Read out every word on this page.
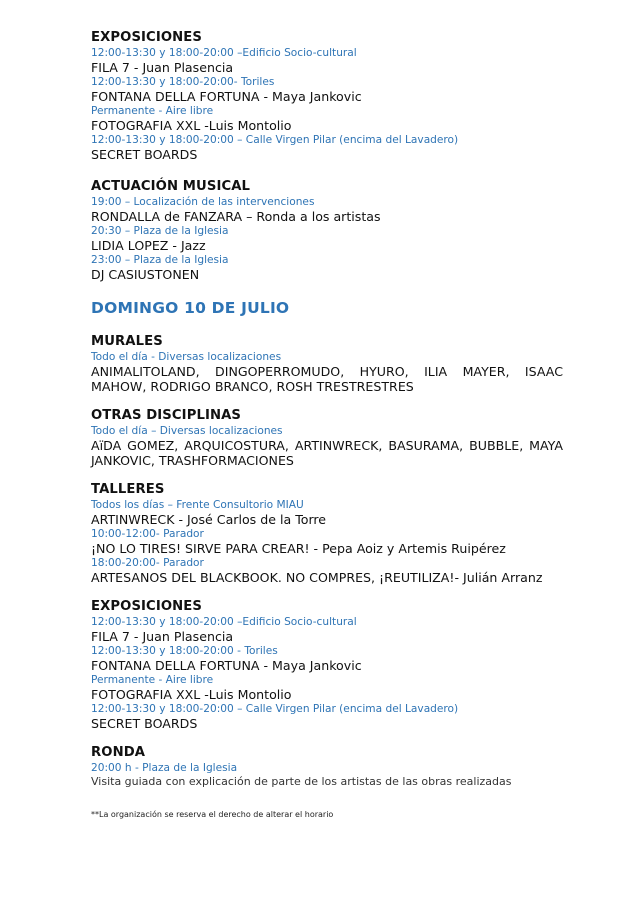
EXPOSICIONES

12:00-13:30 y 18:00-20:00 –Edificio Socio-cultural

FILA 7 - Juan Plasencia

12:00-13:30 y 18:00-20:00- Toriles

FONTANA DELLA FORTUNA - Maya Jankovic

Permanente - Aire libre

FOTOGRAFIA XXL -Luis Montolio

12:00-13:30 y 18:00-20:00 – Calle Virgen Pilar (encima del Lavadero)

SECRET BOARDS

ACTUACIÓN MUSICAL

19:00 – Localización de las intervenciones

RONDALLA de FANZARA – Ronda a los artistas

20:30 – Plaza de la Iglesia

LIDIA LOPEZ - Jazz

23:00 – Plaza de la Iglesia

DJ CASIUSTONEN

DOMINGO 10 DE JULIO

MURALES

Todo el día - Diversas localizaciones

ANIMALITOLAND, DINGOPERROMUDO, HYURO, ILIA MAYER, ISAAC MAHOW, RODRIGO BRANCO, ROSH TRESTRESTRES

OTRAS DISCIPLINAS

Todo el día – Diversas localizaciones

AïDA GOMEZ, ARQUICOSTURA, ARTINWRECK, BASURAMA, BUBBLE, MAYA JANKOVIC, TRASHFORMACIONES

TALLERES

Todos los días – Frente Consultorio MIAU

ARTINWRECK - José Carlos de la Torre

10:00-12:00- Parador

¡NO LO TIRES! SIRVE PARA CREAR! - Pepa Aoiz y Artemis Ruipérez

18:00-20:00- Parador

ARTESANOS DEL BLACKBOOK. NO COMPRES, ¡REUTILIZA!- Julián Arranz

EXPOSICIONES

12:00-13:30 y 18:00-20:00 –Edificio Socio-cultural

FILA 7 - Juan Plasencia

12:00-13:30 y 18:00-20:00 - Toriles

FONTANA DELLA FORTUNA - Maya Jankovic

Permanente - Aire libre

FOTOGRAFIA XXL -Luis Montolio

12:00-13:30 y 18:00-20:00 – Calle Virgen Pilar (encima del Lavadero)

SECRET BOARDS

RONDA

20:00 h - Plaza de la Iglesia

Visita guiada con explicación de parte de los artistas de las obras realizadas

**La organización se reserva el derecho de alterar el horario
